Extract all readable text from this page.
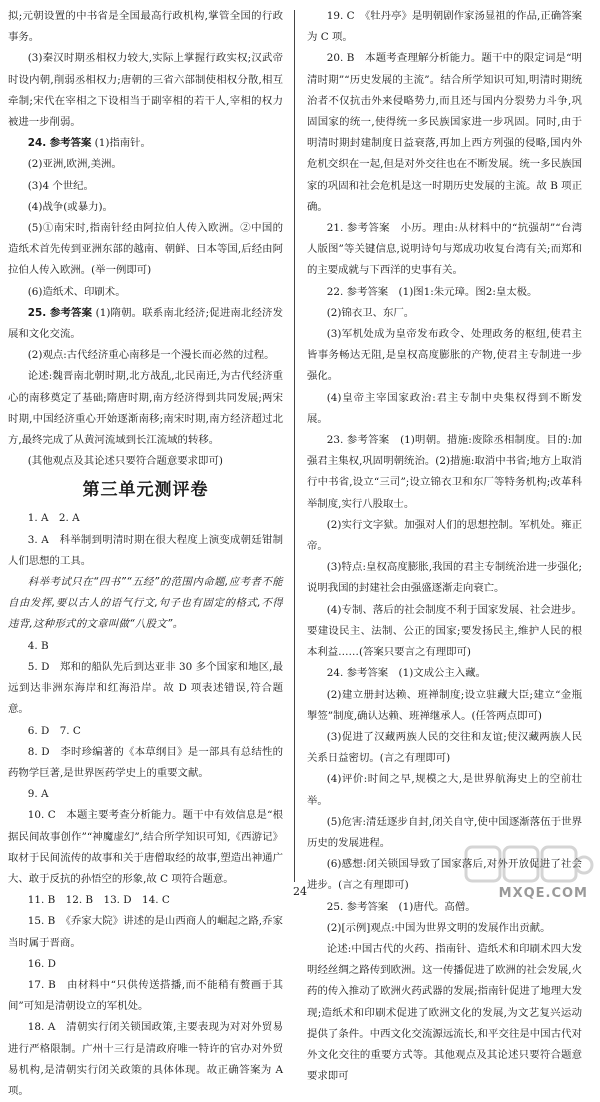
拟;元朝设置的中书省是全国最高行政机构,掌管全国的行政事务。

(3)秦汉时期丞相权力较大,实际上掌握行政实权;汉武帝时设内朝,削弱丞相权力;唐朝的三省六部制使相权分散,相互牵制;宋代在宰相之下设相当于副宰相的若干人,宰相的权力被进一步削弱。

24. 参考答案 (1)指南针。

(2)亚洲,欧洲,美洲。

(3)4 个世纪。

(4)战争(或暴力)。

(5)①南宋时,指南针经由阿拉伯人传入欧洲。②中国的造纸术首先传到亚洲东部的越南、朝鲜、日本等国,后经由阿拉伯人传入欧洲。(举一例即可)

(6)造纸术、印刷术。

25. 参考答案 (1)隋朝。联系南北经济;促进南北经济发展和文化交流。

(2)观点:古代经济重心南移是一个漫长而必然的过程。

论述:魏晋南北朝时期,北方战乱,北民南迁,为古代经济重心的南移奠定了基础;隋唐时期,南方经济得到共同发展;两宋时期,中国经济重心开始逐渐南移;南宋时期,南方经济超过北方,最终完成了从黄河流域到长江流域的转移。

(其他观点及其论述只要符合题意要求即可)

第三单元测评卷

1. A　2. A

3. A　科举制到明清时期在很大程度上演变成朝廷钳制人们思想的工具。

科举考试只在“四书”“五经”的范围内命题,应考者不能自由发挥,要以古人的语气行文,句子也有固定的格式,不得违背,这种形式的文章叫做“八股文”。

4. B

5. D　郑和的船队先后到达亚非 30 多个国家和地区,最远到达非洲东海岸和红海沿岸。故 D 项表述错误,符合题意。

6. D　7. C

8. D　李时珍编著的《本草纲目》是一部具有总结性的药物学巨著,是世界医药学史上的重要文献。

9. A

10. C　本题主要考查分析能力。题干中有效信息是“根据民间故事创作”“神魔虚幻”,结合所学知识可知,《西游记》取材于民间流传的故事和关于唐僧取经的故事,塑造出神通广大、敢于反抗的孙悟空的形象,故 C 项符合题意。

11. B　12. B　13. D　14. C

15. B　《乔家大院》讲述的是山西商人的崛起之路,乔家当时属于晋商。

16. D

17. B　由材料中“只供传送搭播,而不能稍有赘画于其间”可知是清朝设立的军机处。

18. A　清朝实行闭关锁国政策,主要表现为对对外贸易进行严格限制。广州十三行是清政府唯一特许的官办对外贸易机构,是清朝实行闭关政策的具体体现。故正确答案为 A 项。

19. C　《牡丹亭》是明朝剧作家汤显祖的作品,正确答案为 C 项。

20. B　本题考查理解分析能力。题干中的限定词是“明清时期”“历史发展的主流”。结合所学知识可知,明清时期统治者不仅抗击外来侵略势力,而且还与国内分裂势力斗争,巩固国家的统一,使得统一多民族国家进一步巩固。同时,由于明清时期封建制度日益衰落,再加上西方列强的侵略,国内外危机交织在一起,但是对外交往也在不断发展。统一多民族国家的巩固和社会危机是这一时期历史发展的主流。故 B 项正确。

21. 参考答案　小历。理由:从材料中的“抗强胡”“台湾人版图”等关键信息,说明诗句与郑成功收复台湾有关;而郑和的主要成就与下西洋的史事有关。

22. 参考答案　(1)图1:朱元璋。图2:皇太极。

(2)锦衣卫、东厂。

(3)军机处成为皇帝发布政令、处理政务的枢纽,使君主皆事务畅达无阻,是皇权高度膨胀的产物,使君主专制进一步强化。

(4)皇帝主宰国家政治:君主专制中央集权得到不断发展。

23. 参考答案　(1)明朝。措施:废除丞相制度。目的:加强君主集权,巩固明朝统治。(2)措施:取消中书省;地方上取消行中书省,设立“三司”;设立锦衣卫和东厂等特务机构;改革科举制度,实行八股取士。

(2)实行文字狱。加强对人们的思想控制。军机处。雍正帝。

(3)特点:皇权高度膨胀,我国的君主专制统治进一步强化;说明我国的封建社会由强盛逐渐走向衰亡。

(4)专制、落后的社会制度不利于国家发展、社会进步。要建设民主、法制、公正的国家;要发扬民主,维护人民的根本利益……(答案只要言之有理即可)

24. 参考答案　(1)文成公主入藏。

(2)建立册封达赖、班禅制度;设立驻藏大臣;建立“金瓶掣签”制度,确认达赖、班禅继承人。(任答两点即可)

(3)促进了汉藏两族人民的交往和友谊;使汉藏两族人民关系日益密切。(言之有理即可)

(4)评价:时间之早,规模之大,是世界航海史上的空前壮举。

(5)危害:清廷逐步自封,闭关自守,使中国逐渐落伍于世界历史的发展进程。

(6)感想:闭关锁国导致了国家落后,对外开放促进了社会进步。(言之有理即可)

25. 参考答案　(1)唐代。高僧。

(2)[示例]观点:中国为世界文明的发展作出贡献。

论述:中国古代的火药、指南针、造纸术和印刷术四大发明经丝绸之路传到欧洲。这一传播促进了欧洲的社会发展,火药的传入推动了欧洲火药武器的发展;指南针促进了地理大发现;造纸术和印刷术促进了欧洲文化的发展,为文艺复兴运动提供了条件。中西文化交流源远流长,和平交往是中国古代对外文化交往的重要方式等。其他观点及其论述只要符合题意要求即可

24	MXQE.COM
